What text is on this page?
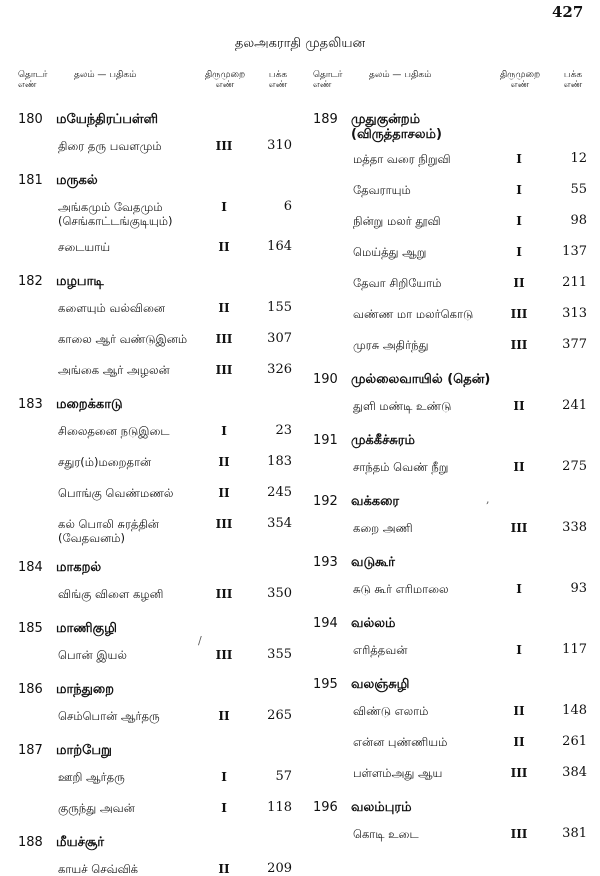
427
தலஅகராதி முதலியன
தொடர்
எண்
தலம் — பதிகம்	திருமுறை
எண்
பக்க
எண்
180 மயேந்திரப்பள்ளி
திரை தரு பவளமும்	III	310
181 மருகல்
அங்கமும் வேதமும்
(செங்காட்டங்குடியும்)
I	6
சடையாய்	II	164
182 மழபாடி
களையும் வல்வினை	II	155
காலை ஆர் வண்டுஇனம் III	307
அங்கை ஆர் அழலன்	III	326
183 மறைக்காடு
சிலைதனை நடுஇடை	I	23
சதுர(ம்)மறைதான்	II	183
பொங்கு வெண்மணல்	II	245
கல் பொலி சுரத்தின்
(வேதவனம்)
III	354
184 மாகறல்
விங்கு விளை கழனி	III	350
185 மாணிகுழி
பொன் இயல்	III	355
186 மாந்துறை
செம்பொன் ஆர்தரு	II	265
187 மாற்பேறு
ஊறி ஆர்தரு	I	57
குருந்து அவன்	I	118
188 மீயச்சூர்
காயச் செவ்விக்	II	209
தொடர்
எண்
தலம் — பதிகம்	திருமுறை
எண்
பக்க
எண்
189 முதுகுன்றம்
(விருத்தாசலம்)
மத்தா வரை நிறுவி	I	12
தேவராயும்	I	55
நின்று மலர் தூவி	I	98
மெய்த்து ஆறு	I	137
தேவா சிறியோம்	II	211
வண்ண மா மலர்கொடு	III	313
முரசு அதிர்ந்து	III	377
190 முல்லைவாயில் (தென்)
துளி மண்டி உண்டு	II	241
191 முக்கீச்சுரம்
சாந்தம் வெண் நீறு	II	275
192 வக்கரை
கறை அணி	III	338
193 வடுகூர்
சுடு கூர் எரிமாலை	I	93
194 வல்லம்
எரித்தவன்	I	117
195 வலஞ்சுழி
விண்டு எலாம்	II	148
என்ன புண்ணியம்	II	261
பள்ளம்அது ஆய	III	384
196 வலம்புரம்
கொடி உடை	III	381
/
,
